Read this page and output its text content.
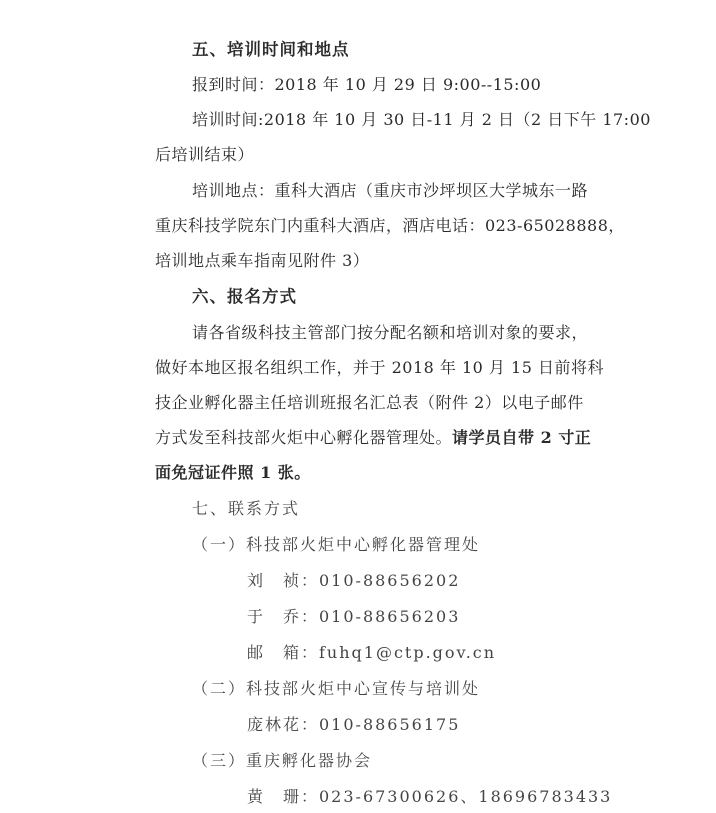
五、培训时间和地点
报到时间：2018 年 10 月 29 日 9:00--15:00
培训时间:2018 年 10 月 30 日-11 月 2 日（2 日下午 17:00
后培训结束）
培训地点：重科大酒店（重庆市沙坪坝区大学城东一路
重庆科技学院东门内重科大酒店，酒店电话：023-65028888，
培训地点乘车指南见附件 3）
六、报名方式
请各省级科技主管部门按分配名额和培训对象的要求，
做好本地区报名组织工作，并于 2018 年 10 月 15 日前将科
技企业孵化器主任培训班报名汇总表（附件 2）以电子邮件
方式发至科技部火炬中心孵化器管理处。请学员自带 2 寸正
面免冠证件照 1 张。
七、联系方式
（一）科技部火炬中心孵化器管理处
刘　祯：010-88656202
于　乔：010-88656203
邮　箱：fuhq1@ctp.gov.cn
（二）科技部火炬中心宣传与培训处
庞林花：010-88656175
（三）重庆孵化器协会
黄　珊：023-67300626、18696783433
